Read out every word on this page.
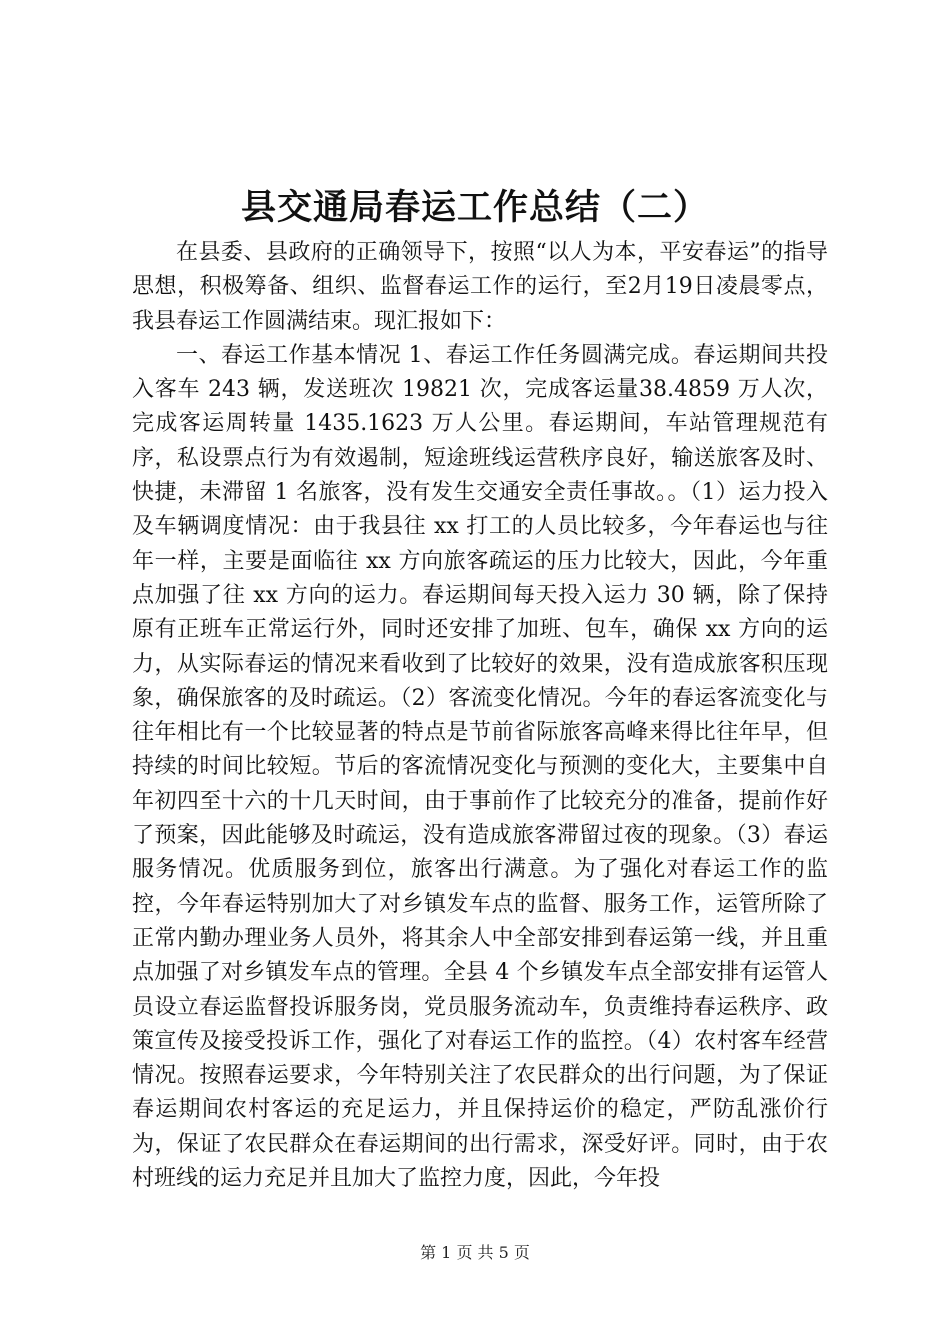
县交通局春运工作总结（二）

在县委、县政府的正确领导下，按照“以人为本，平安春运”的指导思想，积极筹备、组织、监督春运工作的运行，至2月19日凌晨零点，我县春运工作圆满结束。现汇报如下：

一、春运工作基本情况 1、春运工作任务圆满完成。春运期间共投入客车 243 辆，发送班次 19821 次，完成客运量38.4859 万人次，完成客运周转量 1435.1623 万人公里。春运期间，车站管理规范有序，私设票点行为有效遏制，短途班线运营秩序良好，输送旅客及时、快捷，未滞留 1 名旅客，没有发生交通安全责任事故。。（1）运力投入及车辆调度情况：由于我县往 xx 打工的人员比较多，今年春运也与往年一样，主要是面临往 xx 方向旅客疏运的压力比较大，因此，今年重点加强了往 xx 方向的运力。春运期间每天投入运力 30 辆，除了保持原有正班车正常运行外，同时还安排了加班、包车，确保 xx 方向的运力，从实际春运的情况来看收到了比较好的效果，没有造成旅客积压现象，确保旅客的及时疏运。（2）客流变化情况。今年的春运客流变化与往年相比有一个比较显著的特点是节前省际旅客高峰来得比往年早，但持续的时间比较短。节后的客流情况变化与预测的变化大，主要集中自年初四至十六的十几天时间，由于事前作了比较充分的准备，提前作好了预案，因此能够及时疏运，没有造成旅客滞留过夜的现象。（3）春运服务情况。优质服务到位，旅客出行满意。为了强化对春运工作的监控，今年春运特别加大了对乡镇发车点的监督、服务工作，运管所除了正常内勤办理业务人员外，将其余人中全部安排到春运第一线，并且重点加强了对乡镇发车点的管理。全县 4 个乡镇发车点全部安排有运管人员设立春运监督投诉服务岗，党员服务流动车，负责维持春运秩序、政策宣传及接受投诉工作，强化了对春运工作的监控。（4）农村客车经营情况。按照春运要求，今年特别关注了农民群众的出行问题，为了保证春运期间农村客运的充足运力，并且保持运价的稳定，严防乱涨价行为，保证了农民群众在春运期间的出行需求，深受好评。同时，由于农村班线的运力充足并且加大了监控力度，因此，今年投

第 1 页 共 5 页
